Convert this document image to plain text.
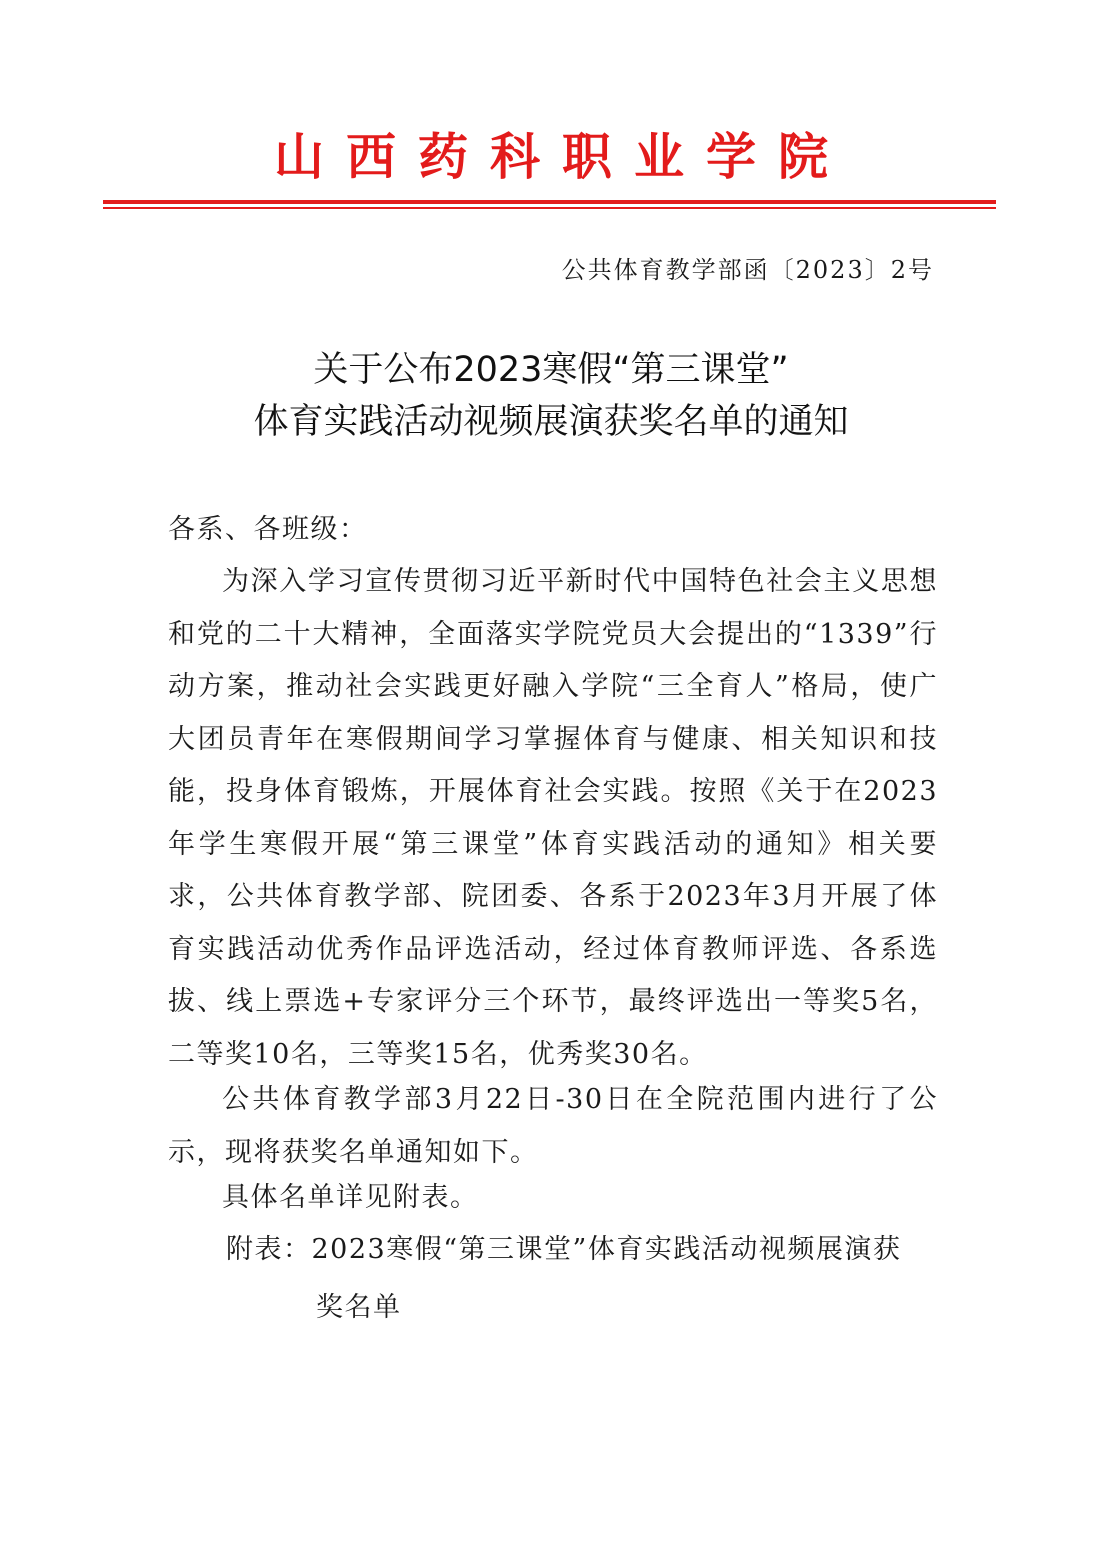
山西药科职业学院
公共体育教学部函〔2023〕2号
关于公布2023寒假“第三课堂”
体育实践活动视频展演获奖名单的通知

各系、各班级：

为深入学习宣传贯彻习近平新时代中国特色社会主义思想和党的二十大精神，全面落实学院党员大会提出的“1339”行动方案，推动社会实践更好融入学院“三全育人”格局，使广大团员青年在寒假期间学习掌握体育与健康、相关知识和技能，投身体育锻炼，开展体育社会实践。按照《关于在2023年学生寒假开展“第三课堂”体育实践活动的通知》相关要求，公共体育教学部、院团委、各系于2023年3月开展了体育实践活动优秀作品评选活动，经过体育教师评选、各系选拔、线上票选+专家评分三个环节，最终评选出一等奖5名，二等奖10名，三等奖15名，优秀奖30名。

公共体育教学部3月22日-30日在全院范围内进行了公示，现将获奖名单通知如下。

具体名单详见附表。

附表：2023寒假“第三课堂”体育实践活动视频展演获
奖名单
